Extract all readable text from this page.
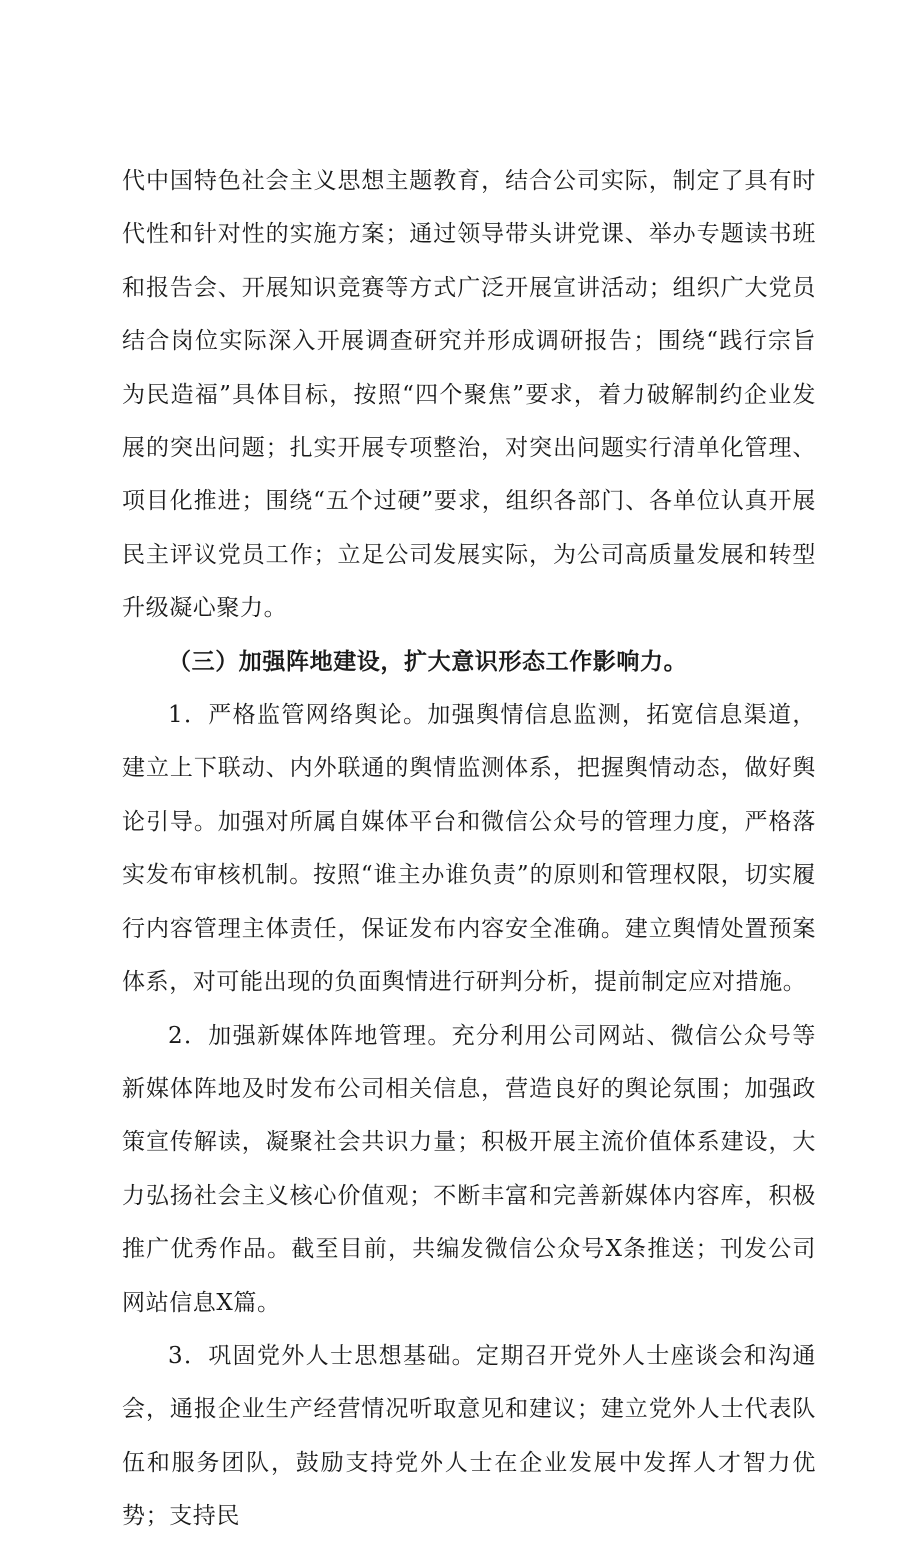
代中国特色社会主义思想主题教育，结合公司实际，制定了具有时代性和针对性的实施方案；通过领导带头讲党课、举办专题读书班和报告会、开展知识竞赛等方式广泛开展宣讲活动；组织广大党员结合岗位实际深入开展调查研究并形成调研报告；围绕“践行宗旨为民造福”具体目标，按照“四个聚焦”要求，着力破解制约企业发展的突出问题；扎实开展专项整治，对突出问题实行清单化管理、项目化推进；围绕“五个过硬”要求，组织各部门、各单位认真开展民主评议党员工作；立足公司发展实际，为公司高质量发展和转型升级凝心聚力。

（三）加强阵地建设，扩大意识形态工作影响力。

1．严格监管网络舆论。加强舆情信息监测，拓宽信息渠道，建立上下联动、内外联通的舆情监测体系，把握舆情动态，做好舆论引导。加强对所属自媒体平台和微信公众号的管理力度，严格落实发布审核机制。按照“谁主办谁负责”的原则和管理权限，切实履行内容管理主体责任，保证发布内容安全准确。建立舆情处置预案体系，对可能出现的负面舆情进行研判分析，提前制定应对措施。

2．加强新媒体阵地管理。充分利用公司网站、微信公众号等新媒体阵地及时发布公司相关信息，营造良好的舆论氛围；加强政策宣传解读，凝聚社会共识力量；积极开展主流价值体系建设，大力弘扬社会主义核心价值观；不断丰富和完善新媒体内容库，积极推广优秀作品。截至目前，共编发微信公众号X条推送；刊发公司网站信息X篇。

3．巩固党外人士思想基础。定期召开党外人士座谈会和沟通会，通报企业生产经营情况听取意见和建议；建立党外人士代表队伍和服务团队，鼓励支持党外人士在企业发展中发挥人才智力优势；支持民
